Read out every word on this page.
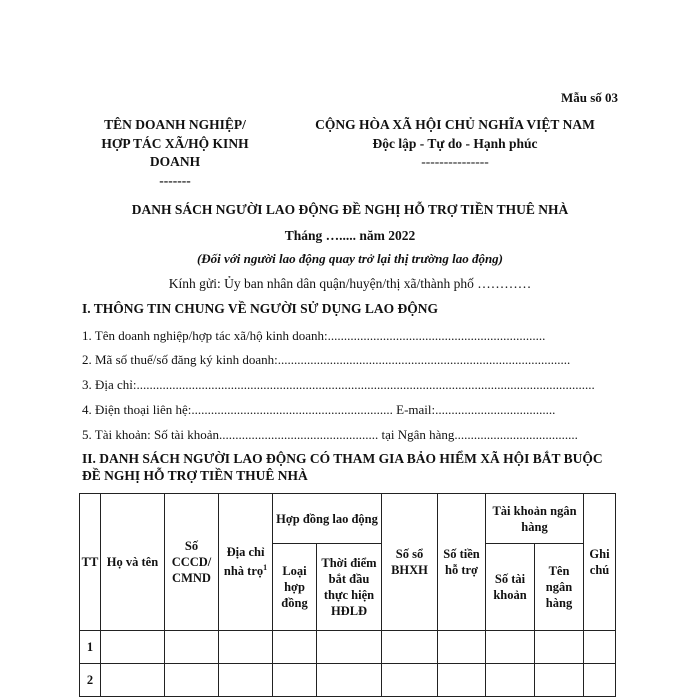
Mẫu số 03
TÊN DOANH NGHIỆP/
HỢP TÁC XÃ/HỘ KINH
DOANH
-------
CỘNG HÒA XÃ HỘI CHỦ NGHĨA VIỆT NAM
Độc lập - Tự do - Hạnh phúc
---------------
DANH SÁCH NGƯỜI LAO ĐỘNG ĐỀ NGHỊ HỖ TRỢ TIỀN THUÊ NHÀ
Tháng …..... năm 2022
(Đối với người lao động quay trở lại thị trường lao động)
Kính gửi: Ủy ban nhân dân quận/huyện/thị xã/thành phố …………
I. THÔNG TIN CHUNG VỀ NGƯỜI SỬ DỤNG LAO ĐỘNG
1. Tên doanh nghiệp/hợp tác xã/hộ kinh doanh:...................................................................
2. Mã số thuế/số đăng ký kinh doanh:..........................................................................................
3. Địa chỉ:.............................................................................................................................................
4. Điện thoại liên hệ:.............................................................. E-mail:.....................................
5. Tài khoản: Số tài khoản................................................. tại Ngân hàng......................................
II. DANH SÁCH NGƯỜI LAO ĐỘNG CÓ THAM GIA BẢO HIỂM XÃ HỘI BẮT BUỘC
ĐỀ NGHỊ HỖ TRỢ TIỀN THUÊ NHÀ
TT	Họ và tên	Số CCCD/ CMND	Địa chỉ nhà trọ$^1$	Hợp đồng lao động		Số sổ BHXH	Số tiền hỗ trợ	Tài khoản ngân hàng		Ghi chú
				Loại hợp đồng	Thời điểm bắt đầu thực hiện HĐLĐ			Số tài khoản	Tên ngân hàng	
1										
2										
